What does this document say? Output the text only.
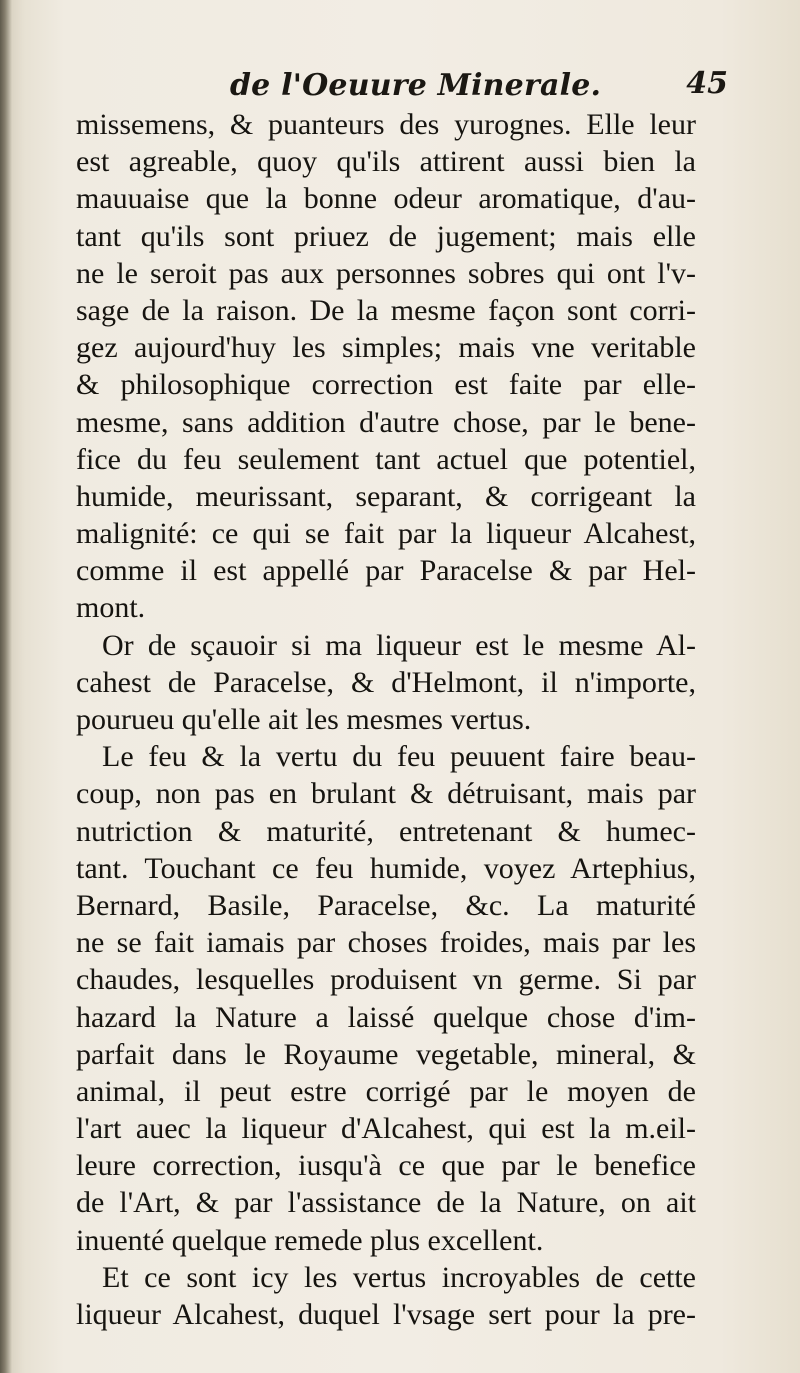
de l'Oeuure Minerale.	45
missemens, & puanteurs des yurognes. Elle leur
est agreable, quoy qu'ils attirent aussi bien la
mauuaise que la bonne odeur aromatique, d'au-
tant qu'ils sont priuez de jugement; mais elle
ne le seroit pas aux personnes sobres qui ont l'v-
sage de la raison. De la mesme façon sont corri-
gez aujourd'huy les simples; mais vne veritable
& philosophique correction est faite par elle-
mesme, sans addition d'autre chose, par le bene-
fice du feu seulement tant actuel que potentiel,
humide, meurissant, separant, & corrigeant la
malignité: ce qui se fait par la liqueur Alcahest,
comme il est appellé par Paracelse & par Hel-
mont.
Or de sçauoir si ma liqueur est le mesme Al-
cahest de Paracelse, & d'Helmont, il n'importe,
pourueu qu'elle ait les mesmes vertus.
Le feu & la vertu du feu peuuent faire beau-
coup, non pas en brulant & détruisant, mais par
nutriction & maturité, entretenant & humec-
tant. Touchant ce feu humide, voyez Artephius,
Bernard, Basile, Paracelse, &c. La maturité
ne se fait iamais par choses froides, mais par les
chaudes, lesquelles produisent vn germe. Si par
hazard la Nature a laissé quelque chose d'im-
parfait dans le Royaume vegetable, mineral, &
animal, il peut estre corrigé par le moyen de
l'art auec la liqueur d'Alcahest, qui est la m.eil-
leure correction, iusqu'à ce que par le benefice
de l'Art, & par l'assistance de la Nature, on ait
inuenté quelque remede plus excellent.
Et ce sont icy les vertus incroyables de cette
liqueur Alcahest, duquel l'vsage sert pour la pre-
